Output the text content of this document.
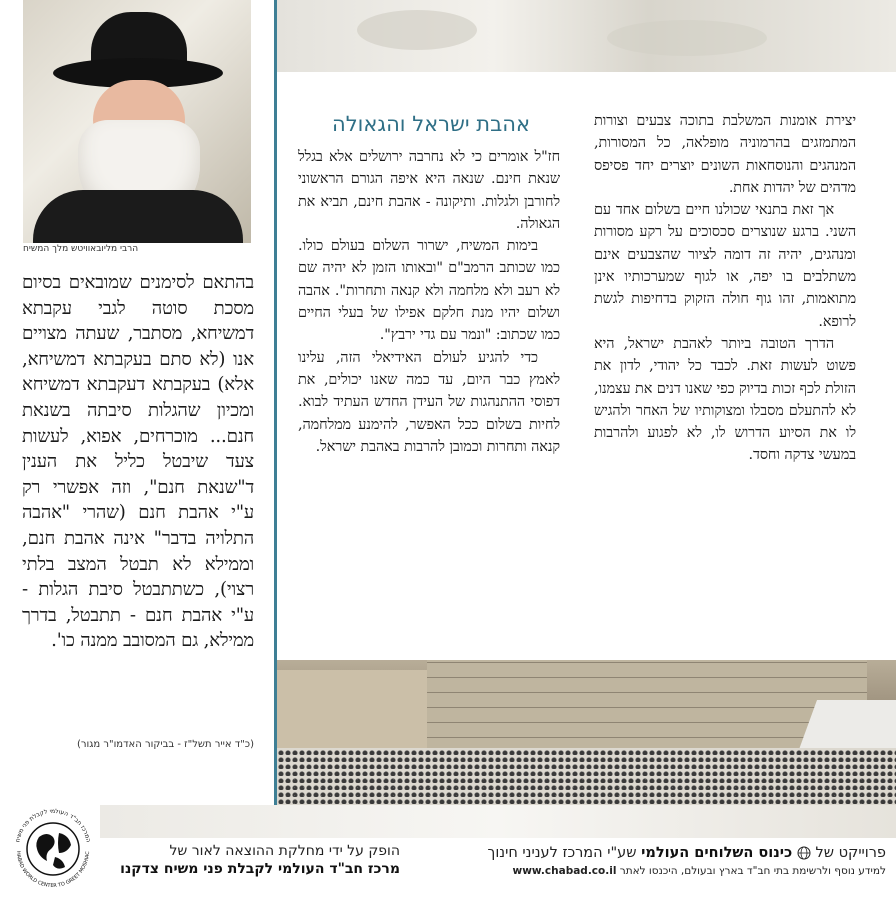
הרבי מליובאוויטש מלך המשיח
בהתאם לסימנים שמובאים בסיום מסכת סוטה לגבי עקבתא דמשיחא, מסתבר, שעתה מצויים אנו (לא סתם בעקבתא דמשיחא, אלא) בעקבתא דעקבתא דמשיחא ומכיון שהגלות סיבתה בשנאת חנם... מוכרחים, אפוא, לעשות צעד שיבטל כליל את הענין ד"שנאת חנם", וזה אפשרי רק ע"י אהבת חנם (שהרי "אהבה התלויה בדבר" אינה אהבת חנם, וממילא לא תבטל המצב בלתי רצוי), כשתתבטל סיבת הגלות - ע"י אהבת חנם - תתבטל, בדרך ממילא, גם המסובב ממנה כו'.
(כ"ד אייר תשל"ז - בביקור האדמו"ר מגור)
אהבת ישראל והגאולה

חז"ל אומרים כי לא נחרבה ירושלים אלא בגלל שנאת חינם. שנאה היא איפה הגורם הראשוני לחורבן ולגלות. ותיקונה - אהבת חינם, תביא את הגאולה.

בימות המשיח, ישרור השלום בעולם כולו. כמו שכותב הרמב"ם "ובאותו הזמן לא יהיה שם לא רעב ולא מלחמה ולא קנאה ותחרות". אהבה ושלום יהיו מנת חלקם אפילו של בעלי החיים כמו שכתוב: "ונמר עם גדי ירבץ".

כדי להגיע לעולם האידיאלי הזה, עלינו לאמץ כבר היום, עד כמה שאנו יכולים, את דפוסי ההתנהגות של העידן החדש העתיד לבוא. לחיות בשלום ככל האפשר, להימנע ממלחמה, קנאה ותחרות וכמובן להרבות באהבת ישראל.

יצירת אומנות המשלבת בתוכה צבעים וצורות המתמזגים בהרמוניה מופלאה, כל המסורות, המנהגים והנוסחאות השונים יוצרים יחד פסיפס מדהים של יהדות אחת.

אך זאת בתנאי שכולנו חיים בשלום אחד עם השני. ברגע שנוצרים סכסוכים על רקע מסורות ומנהגים, יהיה זה דומה לציור שהצבעים אינם משתלבים בו יפה, או לגוף שמערכותיו אינן מתואמות, זהו גוף חולה הזקוק בדחיפות לגשת לרופא.

הדרך הטובה ביותר לאהבת ישראל, היא פשוט לעשות זאת. לכבד כל יהודי, לדון את הזולת לכף זכות בדיוק כפי שאנו דנים את עצמנו, לא להתעלם מסבלו ומצוקותיו של האחר ולהגיש לו את הסיוע הדרוש לו, לא לפגוע ולהרבות במעשי צדקה וחסד.

המרכז חב"ד העולמי לקבלת פני משיח
HABAD WORLD CENTER TO GREET MOSHIAC	הופק על ידי מחלקת ההוצאה לאור של
מרכז חב"ד העולמי לקבלת פני משיח צדקנו
פרוייקט של  כינוס השלוחים העולמי שע"י המרכז לעניני חינוך
למידע נוסף ולרשימת בתי חב"ד בארץ ובעולם, היכנסו לאתר www.chabad.co.il
